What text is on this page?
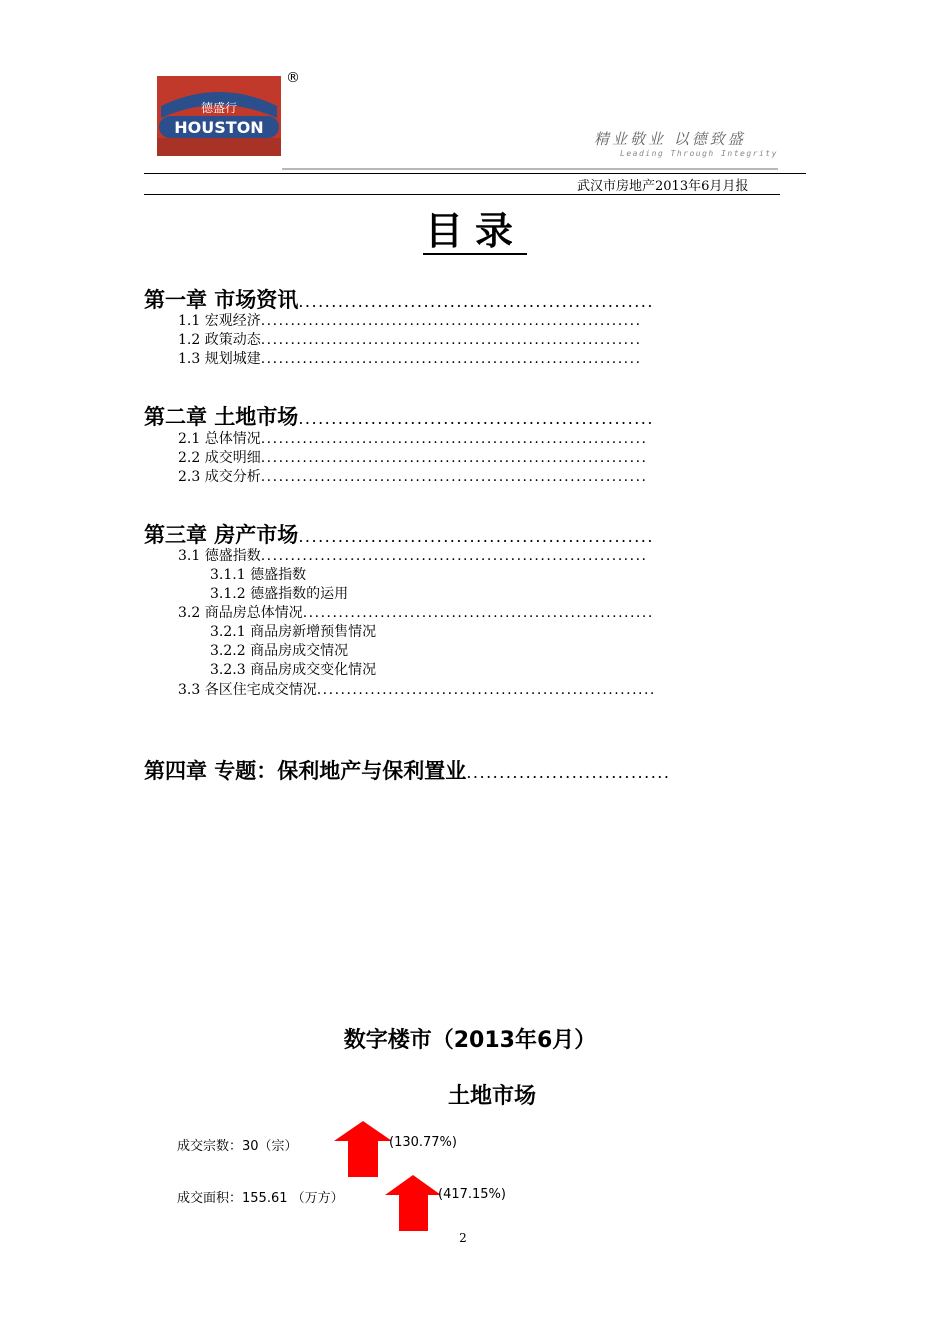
德盛行
HOUSTON
®
精业敬业 以德致盛
Leading Through Integrity
武汉市房地产2013年6月月报
目录
第一章 市场资讯 ......................................................
1.1 宏观经济 ................................................................
1.2 政策动态 ................................................................
1.3 规划城建 ................................................................
第二章 土地市场 ......................................................
2.1 总体情况 .................................................................
2.2 成交明细 .................................................................
2.3 成交分析 .................................................................
第三章 房产市场 ......................................................
3.1 德盛指数 .................................................................
3.1.1 德盛指数
3.1.2 德盛指数的运用
3.2 商品房总体情况 ...........................................................
3.2.1 商品房新增预售情况
3.2.2 商品房成交情况
3.2.3 商品房成交变化情况
3.3 各区住宅成交情况 .........................................................
第四章 专题：保利地产与保利置业 ...............................
数字楼市（2013年6月）
土地市场
成交宗数：30（宗）	(130.77%)
成交面积：155.61 （万方）	(417.15%)
2
